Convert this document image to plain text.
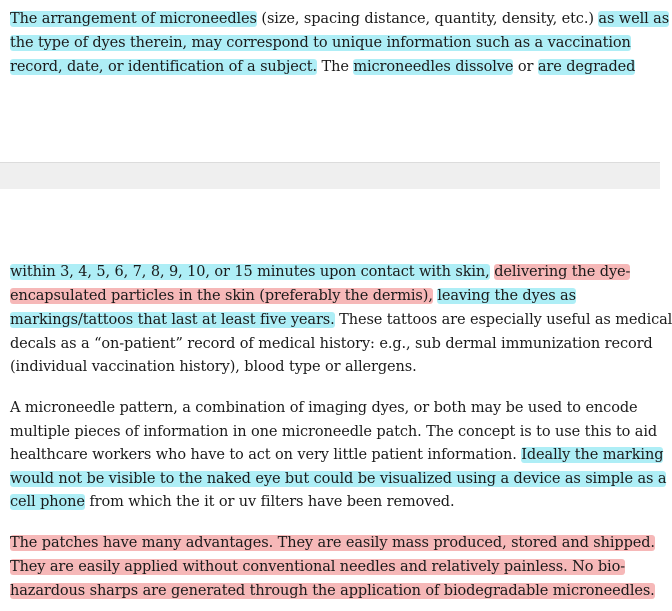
The arrangement of microneedles (size, spacing distance, quantity, density, etc.) as well as
the type of dyes therein, may correspond to unique information such as a vaccination
record, date, or identification of a subject. The microneedles dissolve or are degraded
within 3, 4, 5, 6, 7, 8, 9, 10, or 15 minutes upon contact with skin, delivering the dye-
encapsulated particles in the skin (preferably the dermis), leaving the dyes as
markings/tattoos that last at least five years. These tattoos are especially useful as medical
decals as a “on-patient” record of medical history: e.g., sub dermal immunization record
(individual vaccination history), blood type or allergens.
A microneedle pattern, a combination of imaging dyes, or both may be used to encode
multiple pieces of information in one microneedle patch. The concept is to use this to aid
healthcare workers who have to act on very little patient information. Ideally the marking
would not be visible to the naked eye but could be visualized using a device as simple as a
cell phone from which the it or uv filters have been removed.
The patches have many advantages. They are easily mass produced, stored and shipped.
They are easily applied without conventional needles and relatively painless. No bio-
hazardous sharps are generated through the application of biodegradable microneedles.
